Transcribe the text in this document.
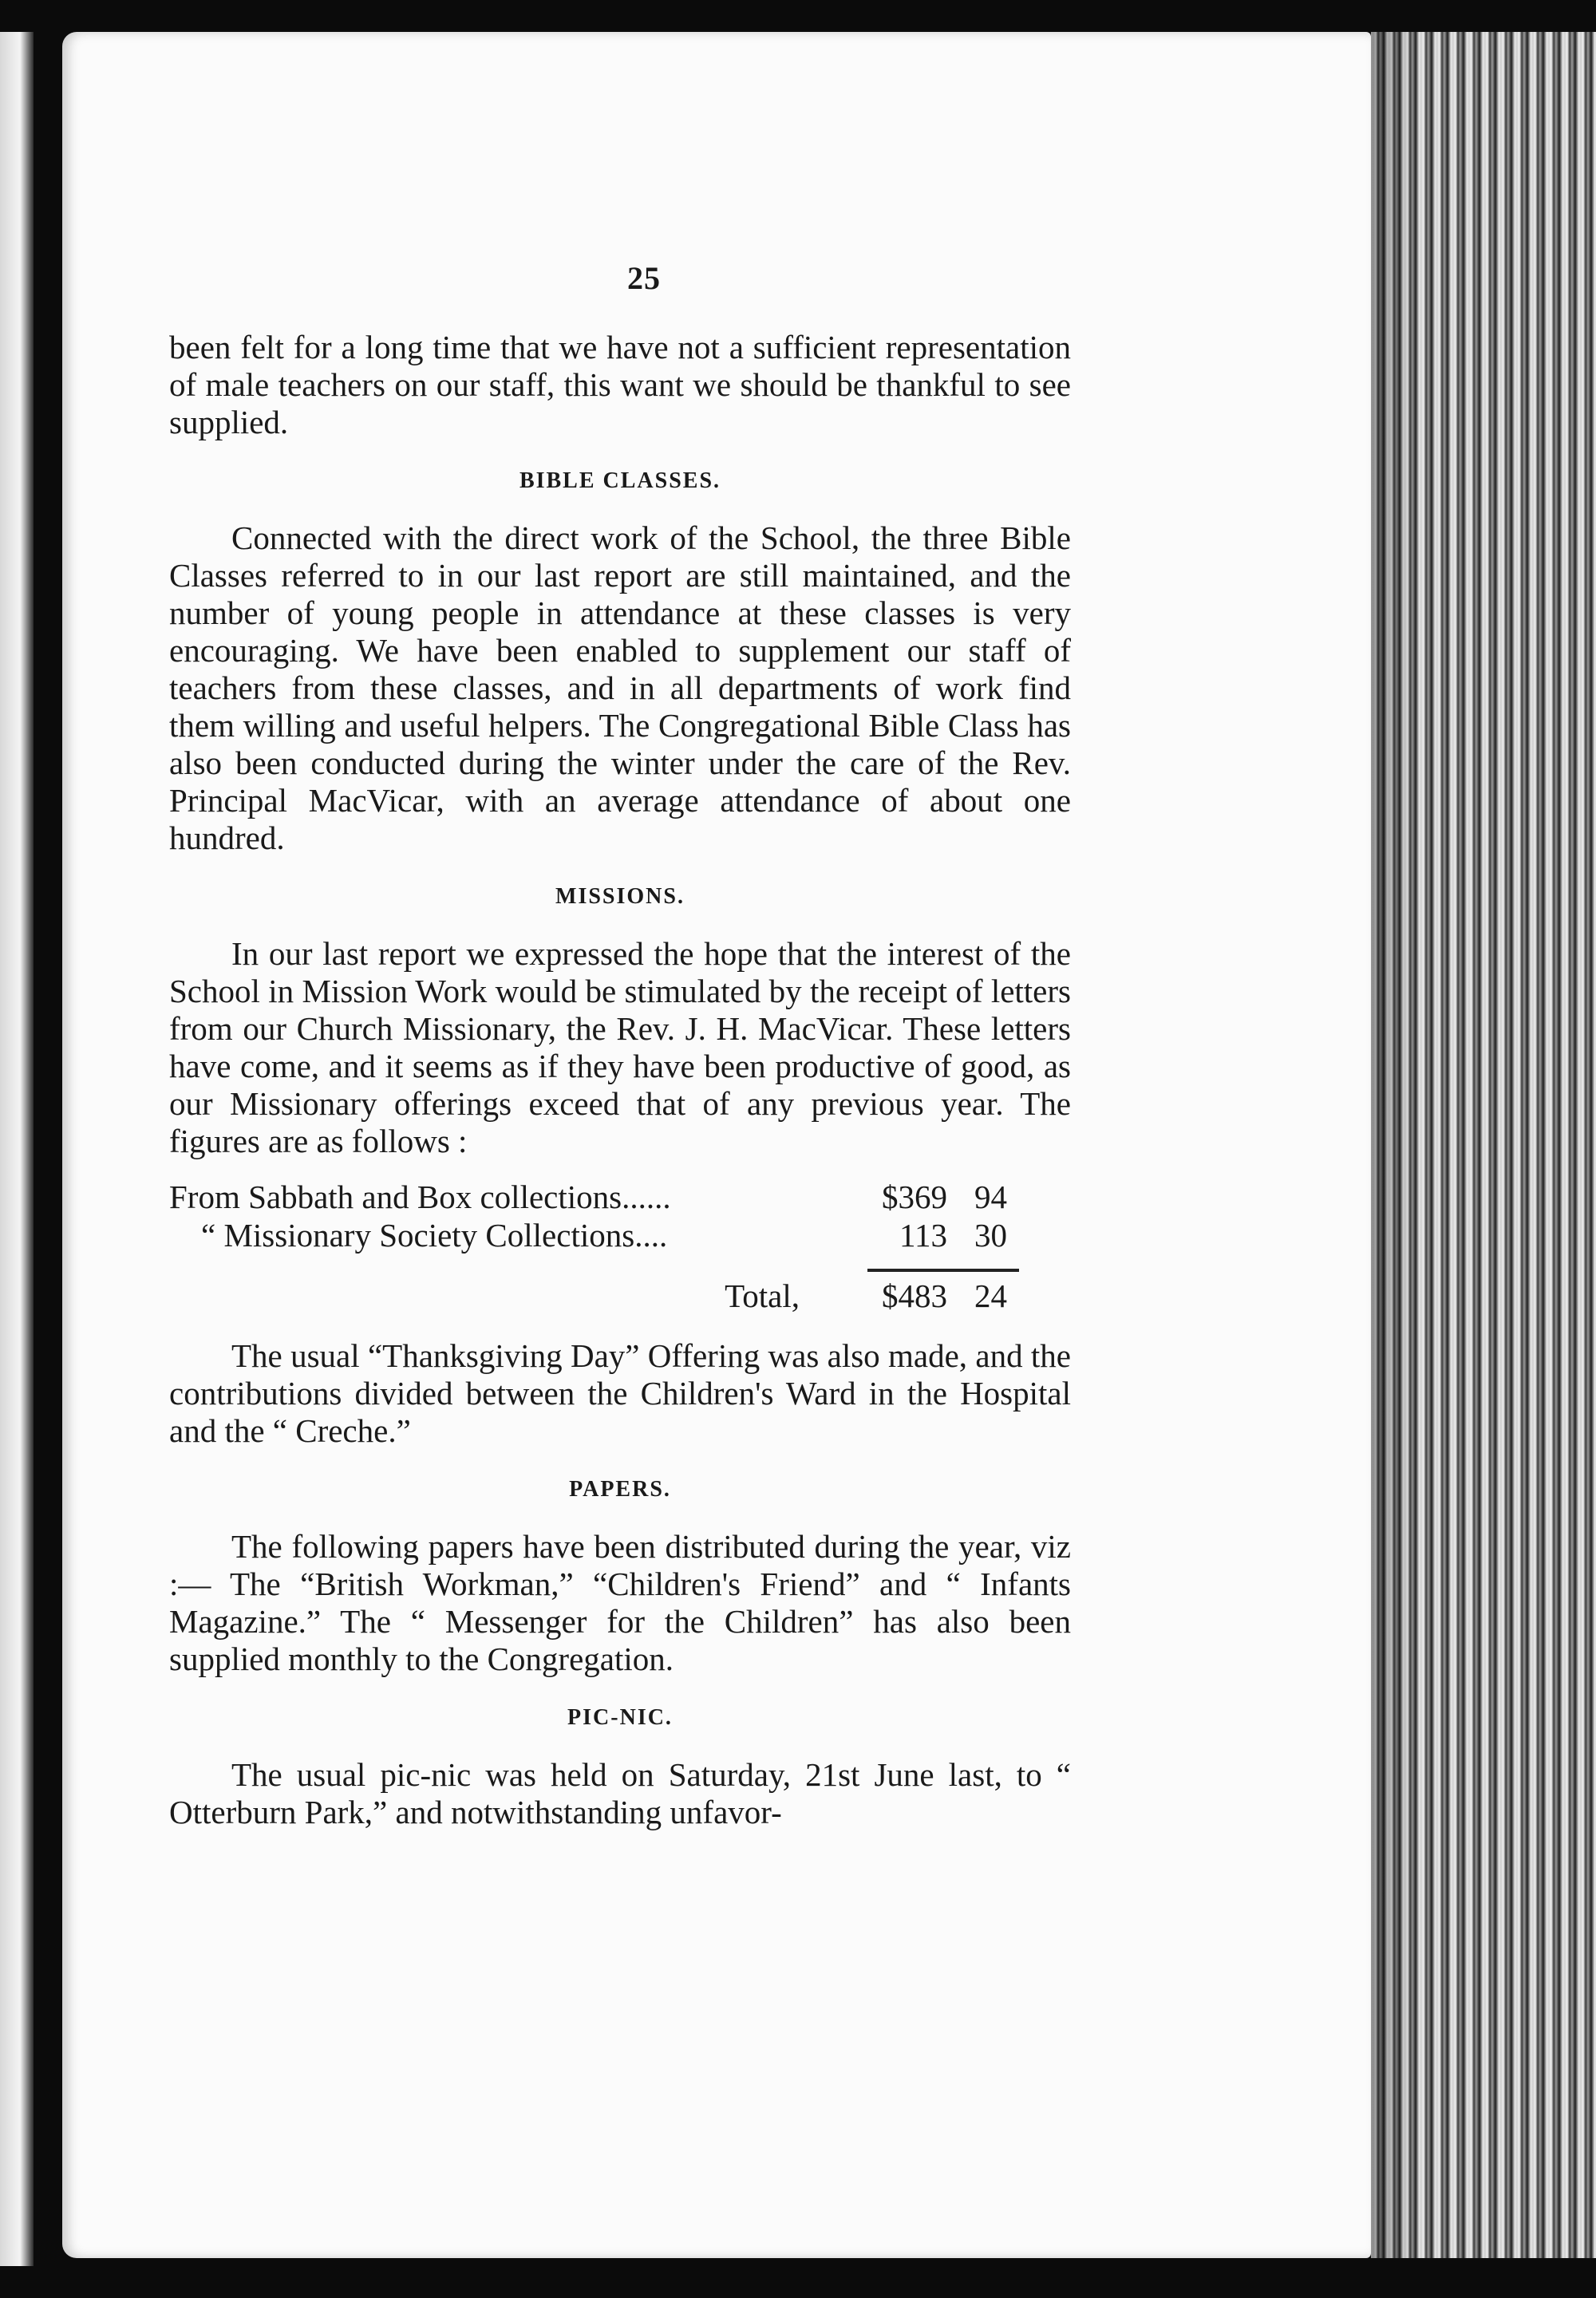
25

been felt for a long time that we have not a sufficient representation of male teachers on our staff, this want we should be thankful to see supplied.

BIBLE CLASSES.

Connected with the direct work of the School, the three Bible Classes referred to in our last report are still maintained, and the number of young people in attendance at these classes is very encouraging. We have been enabled to supplement our staff of teachers from these classes, and in all departments of work find them willing and useful helpers. The Congregational Bible Class has also been conducted during the winter under the care of the Rev. Principal MacVicar, with an average attendance of about one hundred.

MISSIONS.

In our last report we expressed the hope that the interest of the School in Mission Work would be stimulated by the receipt of letters from our Church Missionary, the Rev. J. H. MacVicar. These letters have come, and it seems as if they have been productive of good, as our Missionary offerings exceed that of any previous year. The figures are as follows :

From Sabbath and Box collections......	$369 94
“ Missionary Society Collections....	113 30
Total,	$483 24

The usual “Thanksgiving Day” Offering was also made, and the contributions divided between the Children's Ward in the Hospital and the “ Creche.”

PAPERS.

The following papers have been distributed during the year, viz :— The “British Workman,” “Children's Friend” and “ Infants Magazine.” The “ Messenger for the Children” has also been supplied monthly to the Congregation.

PIC-NIC.

The usual pic-nic was held on Saturday, 21st June last, to “ Otterburn Park,” and notwithstanding unfavor-
